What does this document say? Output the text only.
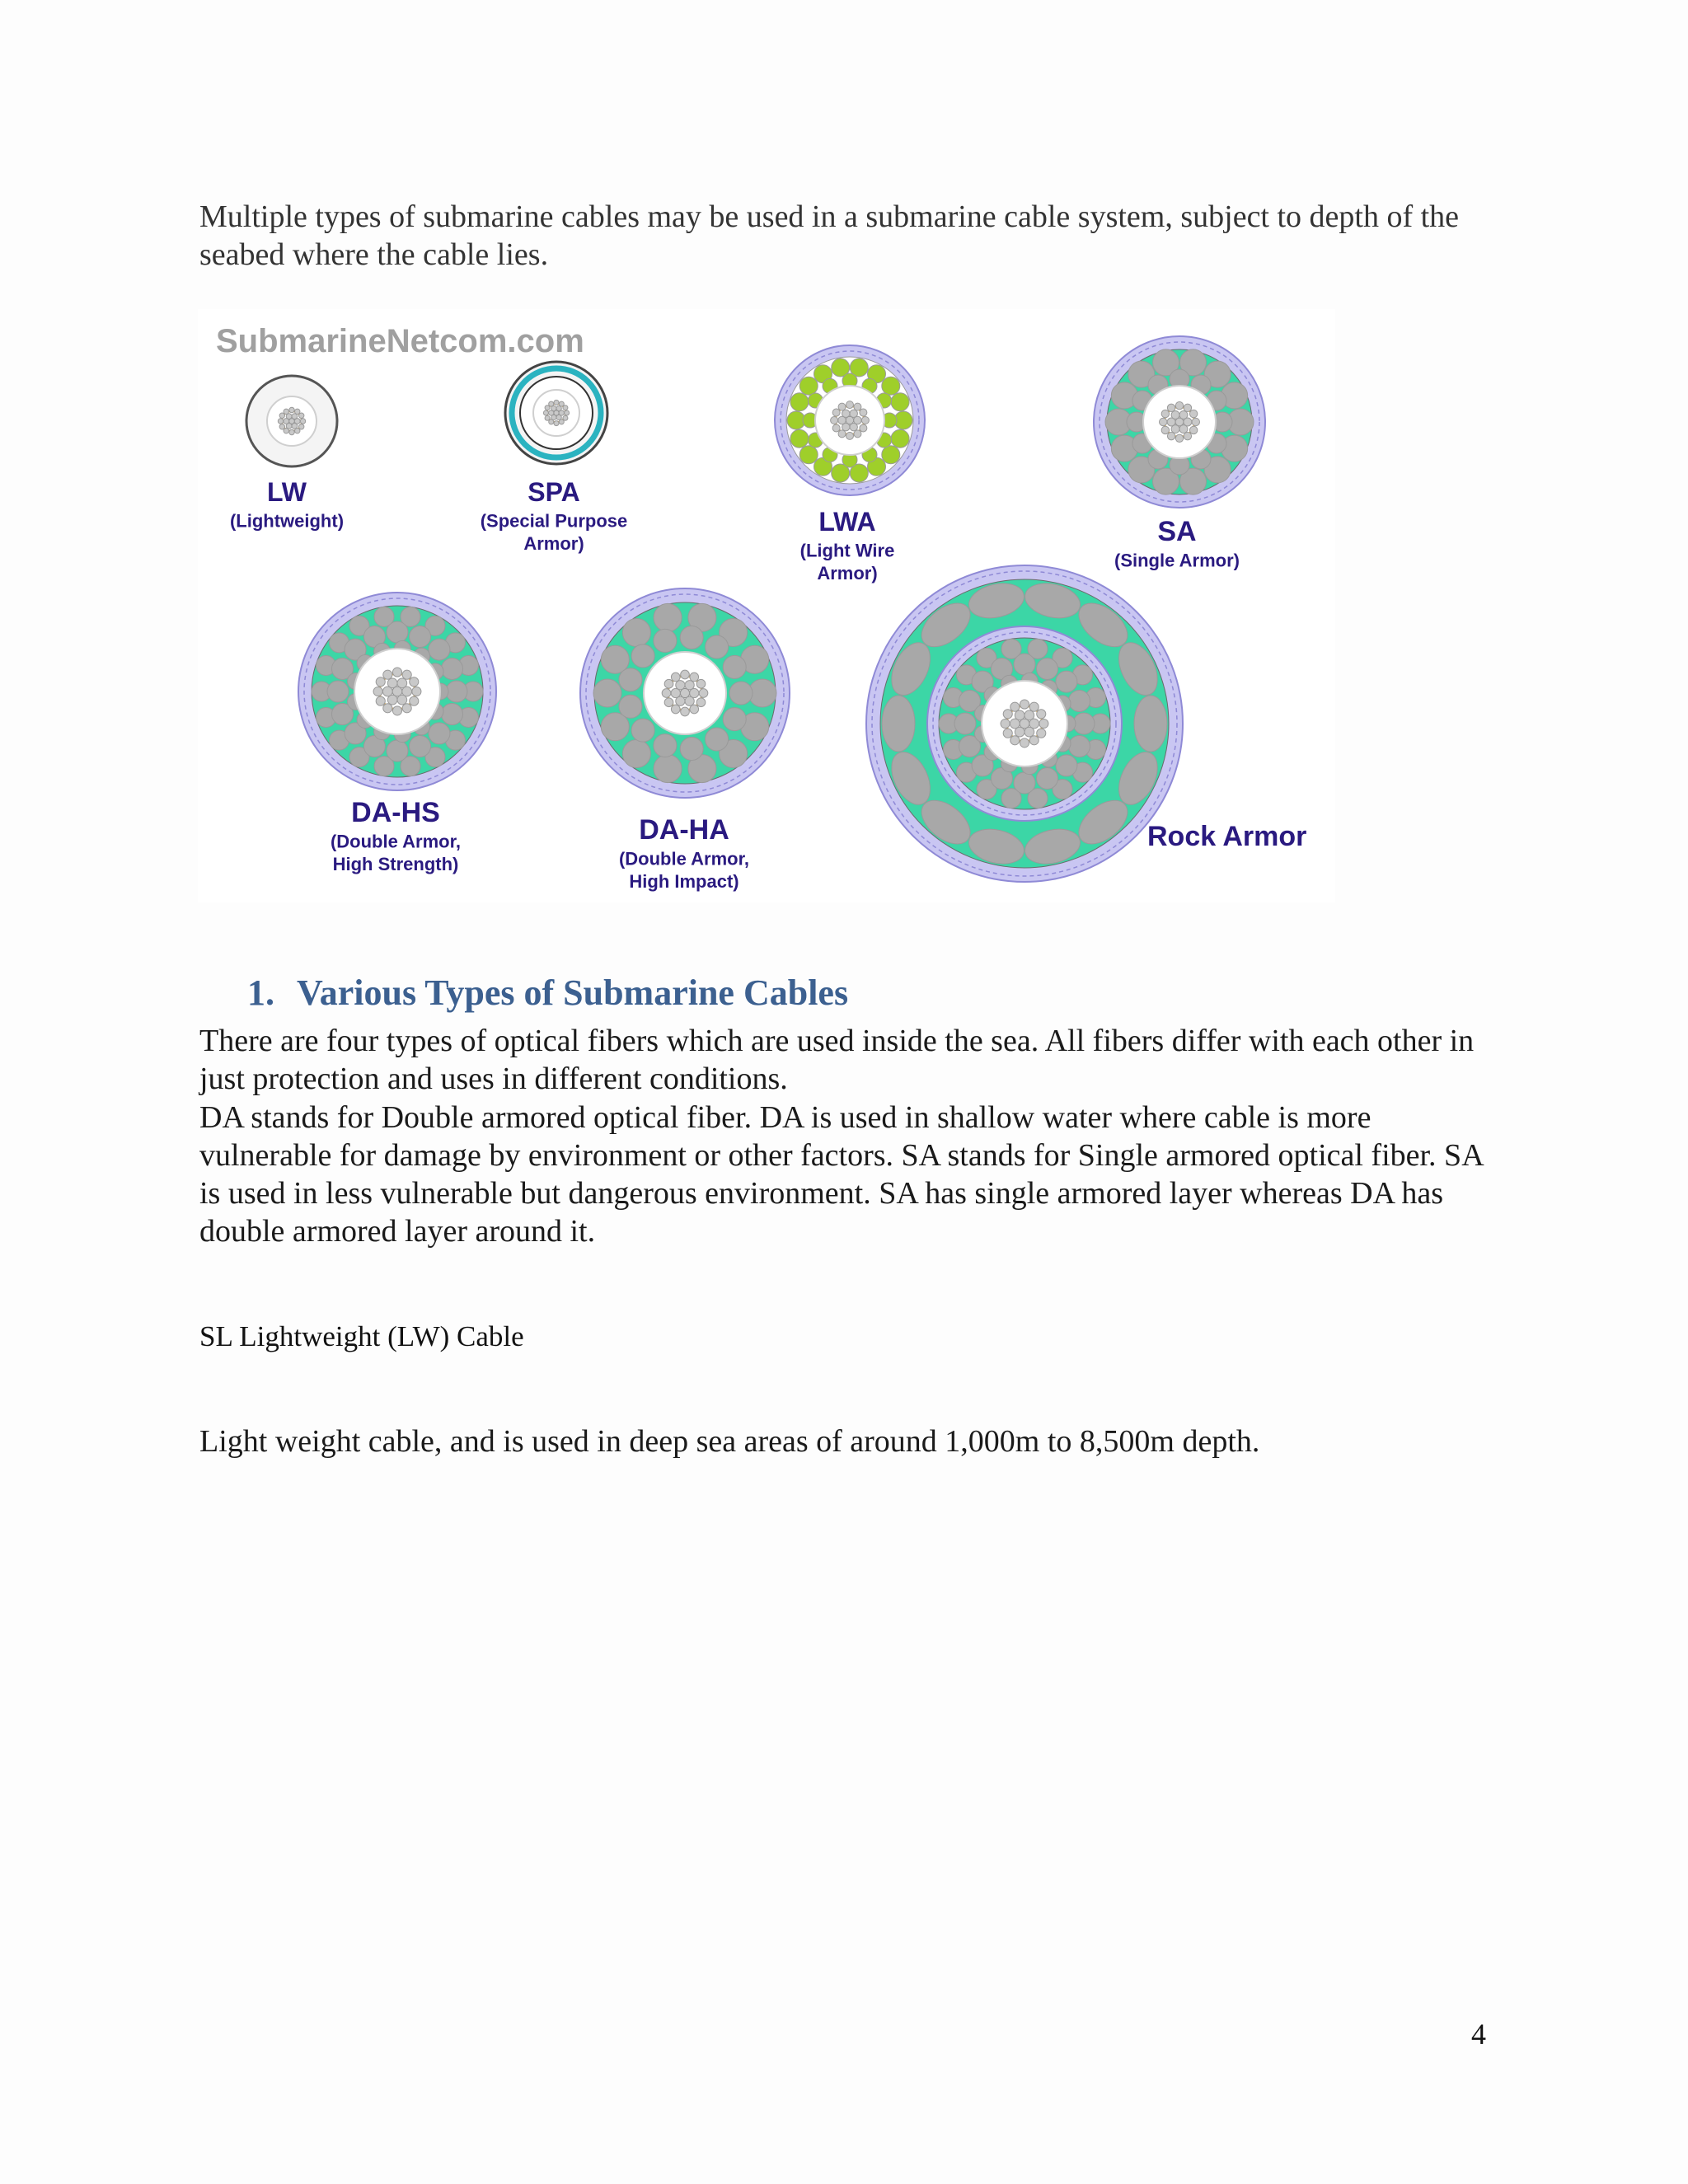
Multiple types of submarine cables may be used in a submarine cable system, subject to depth of the seabed where the cable lies.

SubmarineNetcom.com
LW
(Lightweight)
SPA
(Special Purpose
Armor)
LWA
(Light Wire
Armor)
SA
(Single Armor)
DA-HS
(Double Armor,
High Strength)
DA-HA
(Double Armor,
High Impact)
Rock Armor
1. Various Types of Submarine Cables

There are four types of optical fibers which are used inside the sea. All fibers differ with each other in just protection and uses in different conditions.

DA stands for Double armored optical fiber. DA is used in shallow water where cable is more vulnerable for damage by environment or other factors. SA stands for Single armored optical fiber. SA is used in less vulnerable but dangerous environment. SA has single armored layer whereas DA has double armored layer around it.

SL Lightweight (LW) Cable

Light weight cable, and is used in deep sea areas of around 1,000m to 8,500m depth.

4
